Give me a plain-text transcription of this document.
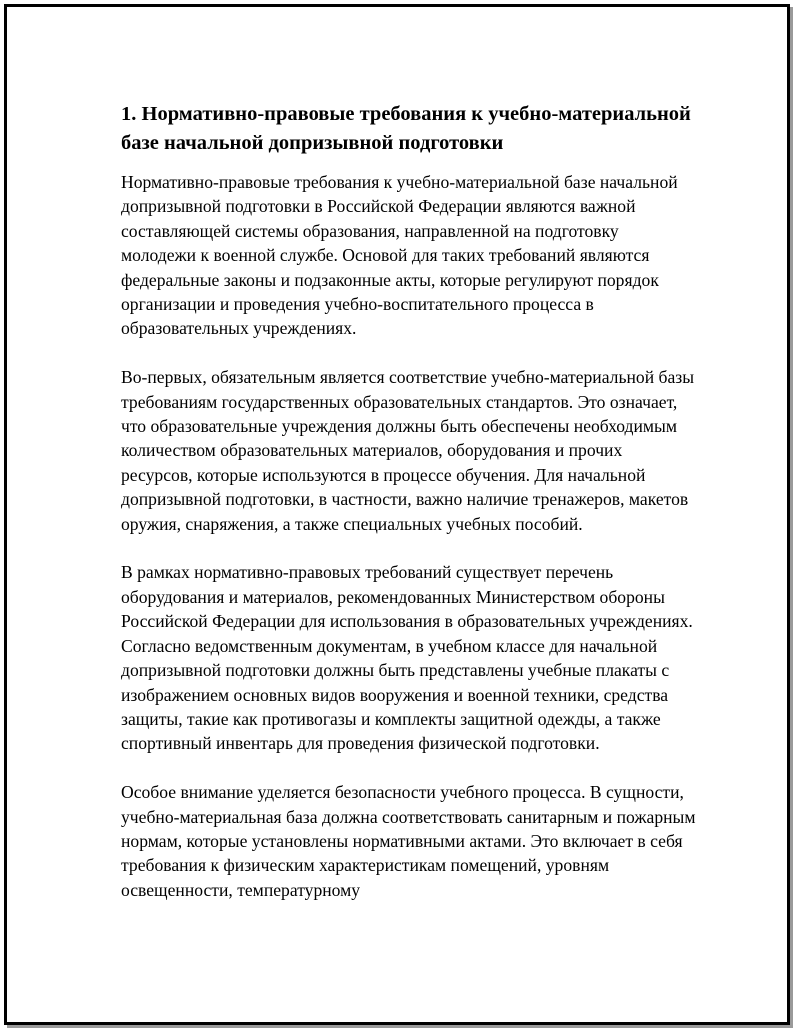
1. Нормативно-правовые требования к учебно-материальной базе начальной допризывной подготовки

Нормативно-правовые требования к учебно-материальной базе начальной допризывной подготовки в Российской Федерации являются важной составляющей системы образования, направленной на подготовку молодежи к военной службе. Основой для таких требований являются федеральные законы и подзаконные акты, которые регулируют порядок организации и проведения учебно-воспитательного процесса в образовательных учреждениях.

Во-первых, обязательным является соответствие учебно-материальной базы требованиям государственных образовательных стандартов. Это означает, что образовательные учреждения должны быть обеспечены необходимым количеством образовательных материалов, оборудования и прочих ресурсов, которые используются в процессе обучения. Для начальной допризывной подготовки, в частности, важно наличие тренажеров, макетов оружия, снаряжения, а также специальных учебных пособий.

В рамках нормативно-правовых требований существует перечень оборудования и материалов, рекомендованных Министерством обороны Российской Федерации для использования в образовательных учреждениях. Согласно ведомственным документам, в учебном классе для начальной допризывной подготовки должны быть представлены учебные плакаты с изображением основных видов вооружения и военной техники, средства защиты, такие как противогазы и комплекты защитной одежды, а также спортивный инвентарь для проведения физической подготовки.

Особое внимание уделяется безопасности учебного процесса. В сущности, учебно-материальная база должна соответствовать санитарным и пожарным нормам, которые установлены нормативными актами. Это включает в себя требования к физическим характеристикам помещений, уровням освещенности, температурному
